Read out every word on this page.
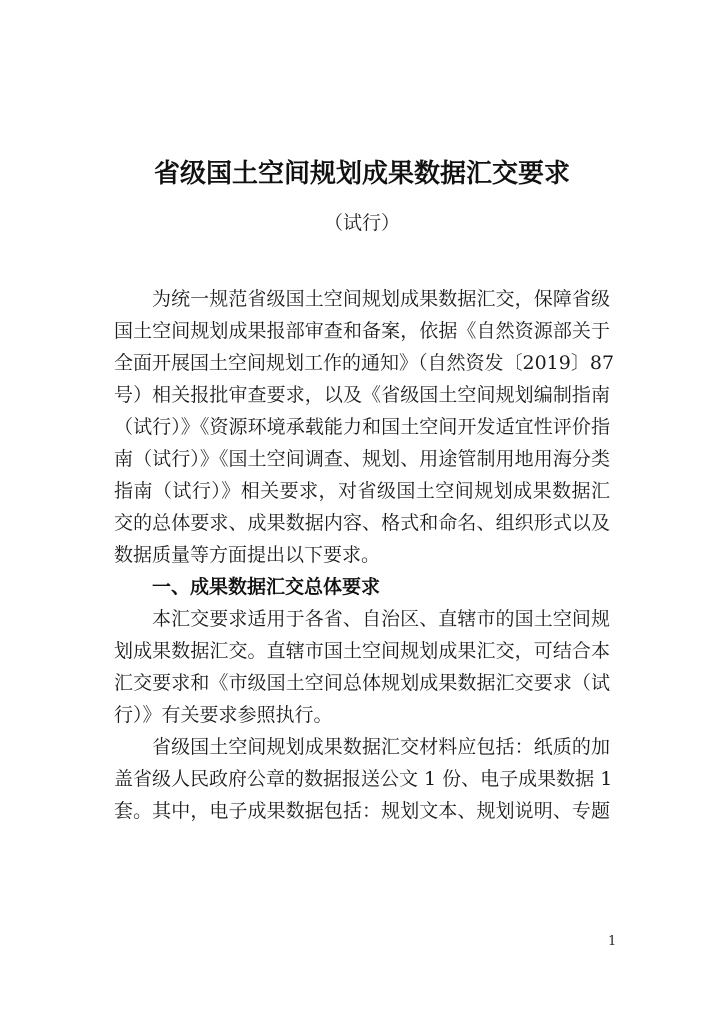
省级国土空间规划成果数据汇交要求
（试行）
为统一规范省级国土空间规划成果数据汇交，保障省级
国土空间规划成果报部审查和备案，依据《自然资源部关于
全面开展国土空间规划工作的通知》（自然资发〔2019〕87
号）相关报批审查要求，以及《省级国土空间规划编制指南
（试行）》《资源环境承载能力和国土空间开发适宜性评价指
南（试行）》《国土空间调查、规划、用途管制用地用海分类
指南（试行）》相关要求，对省级国土空间规划成果数据汇
交的总体要求、成果数据内容、格式和命名、组织形式以及
数据质量等方面提出以下要求。
一、成果数据汇交总体要求
本汇交要求适用于各省、自治区、直辖市的国土空间规
划成果数据汇交。直辖市国土空间规划成果汇交，可结合本
汇交要求和《市级国土空间总体规划成果数据汇交要求（试
行）》有关要求参照执行。
省级国土空间规划成果数据汇交材料应包括：纸质的加
盖省级人民政府公章的数据报送公文 1 份、电子成果数据 1
套。其中，电子成果数据包括：规划文本、规划说明、专题
1
